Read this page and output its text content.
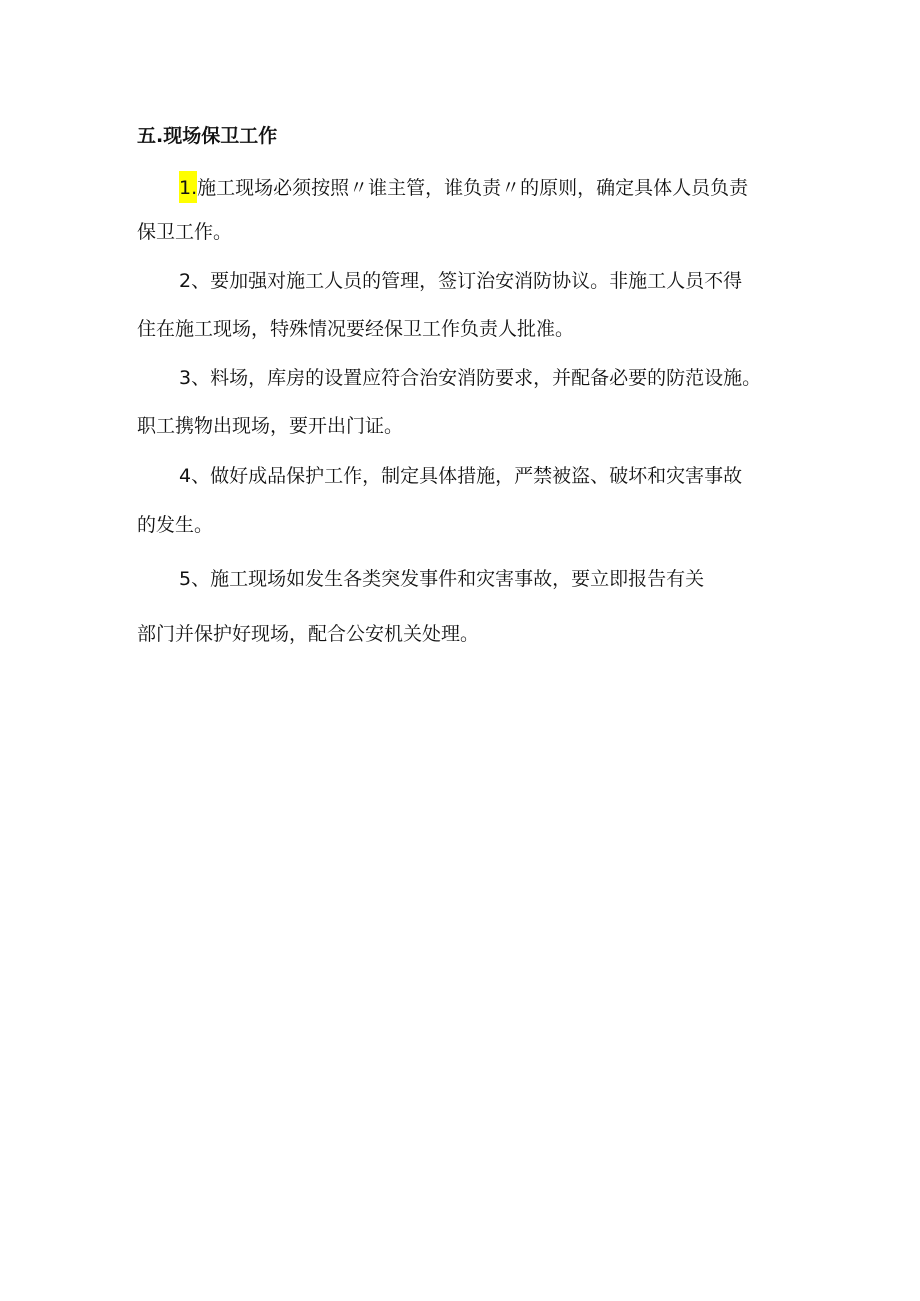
五.现场保卫工作
1.施工现场必须按照〃谁主管，谁负责〃的原则，确定具体人员负责
保卫工作。
2、要加强对施工人员的管理，签订治安消防协议。非施工人员不得
住在施工现场，特殊情况要经保卫工作负责人批准。
3、料场，库房的设置应符合治安消防要求，并配备必要的防范设施。
职工携物出现场，要开出门证。
4、做好成品保护工作，制定具体措施，严禁被盗、破坏和灾害事故
的发生。
5、施工现场如发生各类突发事件和灾害事故，要立即报告有关
部门并保护好现场，配合公安机关处理。
